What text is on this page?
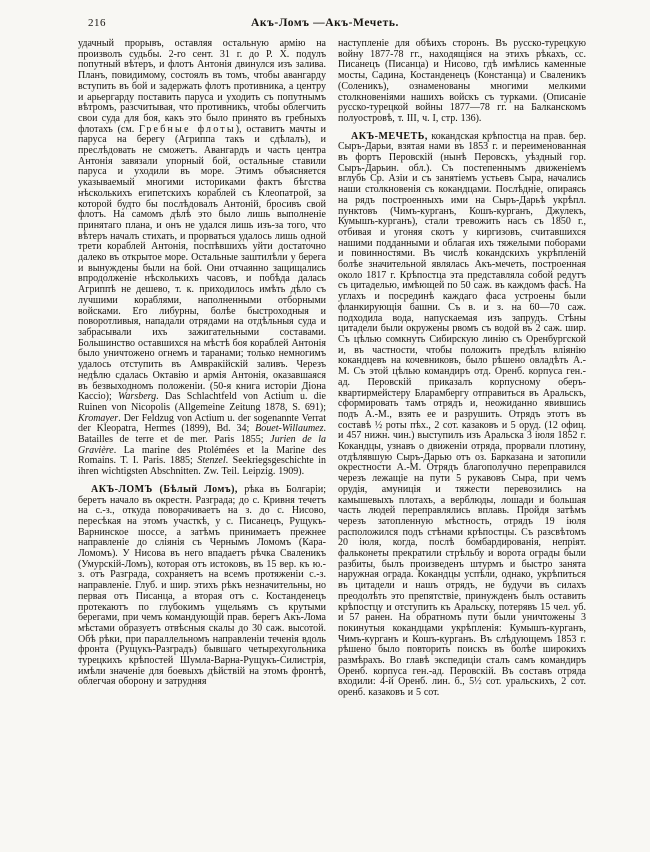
216	Акъ-Ломъ —Акъ-Мечеть.

удачный прорывъ, оставляя остальную армію на произволъ судьбы. 2-го сент. 31 г. до Р. Х. подулъ попутный вѣтеръ, и флотъ Антонія двинулся изъ залива. Планъ, повидимому, состоялъ въ томъ, чтобы авангарду вступить въ бой и задержать флотъ противника, а центру и арьергарду поставить паруса и уходить съ попутнымъ вѣтромъ, разсчитывая, что противникъ, чтобы облегчить свои суда для боя, какъ это было принято въ гребныхъ флотахъ (см. Гребные флоты), оставитъ мачты и паруса на берегу (Агриппа такъ и сдѣлалъ), и преслѣдовать не сможетъ. Авангардъ и часть центра Антонія завязали упорный бой, остальные ставили паруса и уходили въ море. Этимъ объясняется указываемый многими историками фактъ бѣгства нѣсколькихъ египетскихъ кораблей съ Клеопатрой, за которой будто бы послѣдовалъ Антоній, бросивъ свой флотъ. На самомъ дѣлѣ это было лишь выполненіе принятаго плана, и онъ не удался лишь изъ-за того, что вѣтеръ началъ стихать, и прорваться удалось лишь одной трети кораблей Антонія, поспѣвшихъ уйти достаточно далеко въ открытое море. Остальные заштилѣли у берега и вынуждены были на бой. Они отчаянно защищались впродолженіе нѣсколькихъ часовъ, и побѣда далась Агриппѣ не дешево, т. к. приходилось имѣть дѣло съ лучшими кораблями, наполненными отборными войсками. Его либурны, болѣе быстроходныя и поворотливыя, нападали отрядами на отдѣльныя суда и забрасывали ихъ зажигательными составами. Большинство оставшихся на мѣстѣ боя кораблей Антонія было уничтожено огнемъ и таранами; только немногимъ удалось отступить въ Амвракійскій заливъ. Черезъ недѣлю сдалась Октавію и армія Антонія, оказавшаяся въ безвыходномъ положеніи. (50-я книга исторіи Діона Кассіо); Warsberg. Das Schlachtfeld von Actium u. die Ruinen von Nicopolis (Allgemeine Zeitung 1878, S. 691); Kromayer. Der Feldzug von Actium u. der sogenannte Verrat der Kleopatra, Hermes (1899), Bd. 34; Bouet-Willaumez. Batailles de terre et de mer. Paris 1855; Jurien de la Gravière. La marine des Ptolémées et la Marine des Romains. T. I. Paris. 1885; Stenzel. Seekriegsgeschichte in ihren wichtigsten Abschnitten. Zw. Teil. Leipzig. 1909).

АКЪ-ЛОМЪ (Бѣлый Ломъ), рѣка въ Болгаріи; беретъ начало въ окрестн. Разграда; до с. Кривня течетъ на с.-з., откуда поворачиваетъ на з. до с. Нисово, пересѣкая на этомъ участкѣ, у с. Писанецъ, Рущукъ-Варнинское шоссе, а затѣмъ принимаетъ прежнее направленіе до сліянія съ Чернымъ Ломомъ (Кара-Ломомъ). У Нисова въ него впадаетъ рѣчка Сваленикъ (Умурскій-Ломъ), которая отъ истоковъ, въ 15 вер. къ ю.-з. отъ Разграда, сохраняетъ на всемъ протяженіи с.-з. направленіе. Глуб. и шир. этихъ рѣкъ незначительны, но первая отъ Писанца, а вторая отъ с. Костанденецъ протекаютъ по глубокимъ ущельямъ съ крутыми берегами, при чемъ командующій прав. берегъ Акъ-Лома мѣстами образуетъ отвѣсныя скалы до 30 саж. высотой. Обѣ рѣки, при параллельномъ направленіи теченія вдоль фронта (Рущукъ-Разградъ) бывшаго четырехугольника турецкихъ крѣпостей Шумла-Варна-Рущукъ-Силистрія, имѣли значеніе для боевыхъ дѣйствій на этомъ фронтѣ, облегчая оборону и затрудняя

наступленіе для обѣихъ сторонъ. Въ русско-турецкую войну 1877-78 гг., находящіяся на этихъ рѣкахъ, сс. Писанецъ (Писанца) и Нисово, гдѣ имѣлись каменные мосты, Садина, Костанденецъ (Констанца) и Сваленикъ (Соленикъ), ознаменованы многими мелкими столкновеніями нашихъ войскъ съ турками. (Описаніе русско-турецкой войны 1877—78 гг. на Балканскомъ полуостровѣ, т. III, ч. I, стр. 136).

АКЪ-МЕЧЕТЬ, кокандская крѣпостца на прав. бер. Сыръ-Дарьи, взятая нами въ 1853 г. и переименованная въ фортъ Перовскій (нынѣ Перовскъ, уѣздный гор. Сыръ-Дарьин. обл.). Съ постепеннымъ движеніемъ вглубь Ср. Азіи и съ занятіемъ устьевъ Сыра, начались наши столкновенія съ кокандцами. Послѣдніе, опираясь на рядъ построенныхъ ими на Сыръ-Дарьѣ укрѣпл. пунктовъ (Чимъ-курганъ, Кошъ-курганъ, Джулекъ, Кумышъ-курганъ), стали тревожить насъ съ 1850 г., отбивая и угоняя скотъ у киргизовъ, считавшихся нашими подданными и облагая ихъ тяжелыми поборами и повинностями. Въ числѣ кокандскихъ укрѣпленій болѣе значительной являлась Акъ-мечеть, построенная около 1817 г. Крѣпостца эта представляла собой редутъ съ цитаделью, имѣющей по 50 саж. въ каждомъ фасѣ. На углахъ и посрединѣ каждаго фаса устроены были фланкирующія башни. Съ в. и з. на 60—70 саж. подходила вода, напускаемая изъ запрудъ. Стѣны цитадели были окружены рвомъ съ водой въ 2 саж. шир. Съ цѣлью сомкнуть Сибирскую линію съ Оренбургской и, въ частности, чтобы положить предѣлъ вліянію кокандцевъ на кочевниковъ, было рѣшено овладѣть А.-М. Съ этой цѣлью командиръ отд. Оренб. корпуса ген.-ад. Перовскій приказалъ корпусному оберъ-квартирмейстеру Бларамбергу отправиться въ Аральскъ, сформировать тамъ отрядъ и, неожиданно явившись подъ А.-М., взять ее и разрушить. Отрядъ этотъ въ составѣ ½ роты пѣх., 2 сот. казаковъ и 5 оруд. (12 офиц. и 457 нижн. чин.) выступилъ изъ Аральска 3 іюля 1852 г. Кокандцы, узнавъ о движеніи отряда, прорвали плотину, отдѣлявшую Сыръ-Дарью отъ оз. Барказана и затопили окрестности А.-М. Отрядъ благополучно переправился черезъ лежащіе на пути 5 рукавовъ Сыра, при чемъ орудія, амуниція и тяжести перевозились на камышевыхъ плотахъ, а верблюды, лошади и большая часть людей переправлялись вплавь. Пройдя затѣмъ черезъ затопленную мѣстность, отрядъ 19 іюля расположился подъ стѣнами крѣпостцы. Съ разсвѣтомъ 20 іюля, когда, послѣ бомбардированія, непріят. фальконеты прекратили стрѣльбу и ворота ограды были разбиты, былъ произведенъ штурмъ и быстро занята наружная ограда. Кокандцы успѣли, однако, укрѣпиться въ цитадели и нашъ отрядъ, не будучи въ силахъ преодолѣть это препятствіе, принужденъ былъ оставить крѣпостцу и отступить къ Аральску, потерявъ 15 чел. уб. и 57 ранен. На обратномъ пути были уничтожены 3 покинутыя кокандцами укрѣпленія: Кумышъ-курганъ, Чимъ-курганъ и Кошъ-курганъ. Въ слѣдующемъ 1853 г. рѣшено было повторить поискъ въ болѣе широкихъ размѣрахъ. Во главѣ экспедиціи сталъ самъ командиръ Оренб. корпуса ген.-ад. Перовскій. Въ составъ отряда входили: 4-й Оренб. лин. б., 5½ сот. уральскихъ, 2 сот. оренб. казаковъ и 5 сот.
